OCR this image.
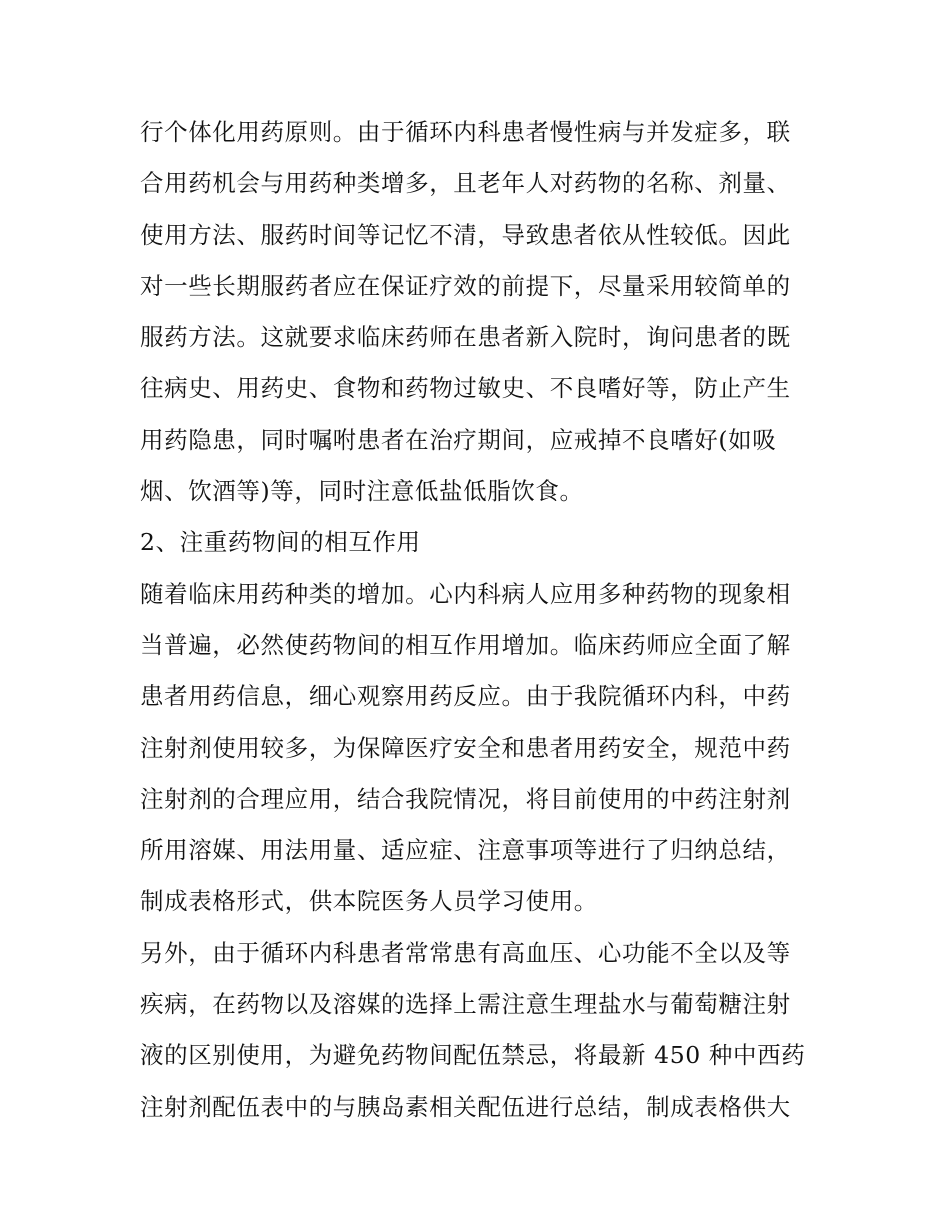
行个体化用药原则。由于循环内科患者慢性病与并发症多，联
合用药机会与用药种类增多，且老年人对药物的名称、剂量、
使用方法、服药时间等记忆不清，导致患者依从性较低。因此
对一些长期服药者应在保证疗效的前提下，尽量采用较简单的
服药方法。这就要求临床药师在患者新入院时，询问患者的既
往病史、用药史、食物和药物过敏史、不良嗜好等，防止产生
用药隐患，同时嘱咐患者在治疗期间，应戒掉不良嗜好(如吸
烟、饮酒等)等，同时注意低盐低脂饮食。
2、注重药物间的相互作用
随着临床用药种类的增加。心内科病人应用多种药物的现象相
当普遍，必然使药物间的相互作用增加。临床药师应全面了解
患者用药信息，细心观察用药反应。由于我院循环内科，中药
注射剂使用较多，为保障医疗安全和患者用药安全，规范中药
注射剂的合理应用，结合我院情况，将目前使用的中药注射剂
所用溶媒、用法用量、适应症、注意事项等进行了归纳总结，
制成表格形式，供本院医务人员学习使用。
另外，由于循环内科患者常常患有高血压、心功能不全以及等
疾病，在药物以及溶媒的选择上需注意生理盐水与葡萄糖注射
液的区别使用，为避免药物间配伍禁忌，将最新 450 种中西药
注射剂配伍表中的与胰岛素相关配伍进行总结，制成表格供大
